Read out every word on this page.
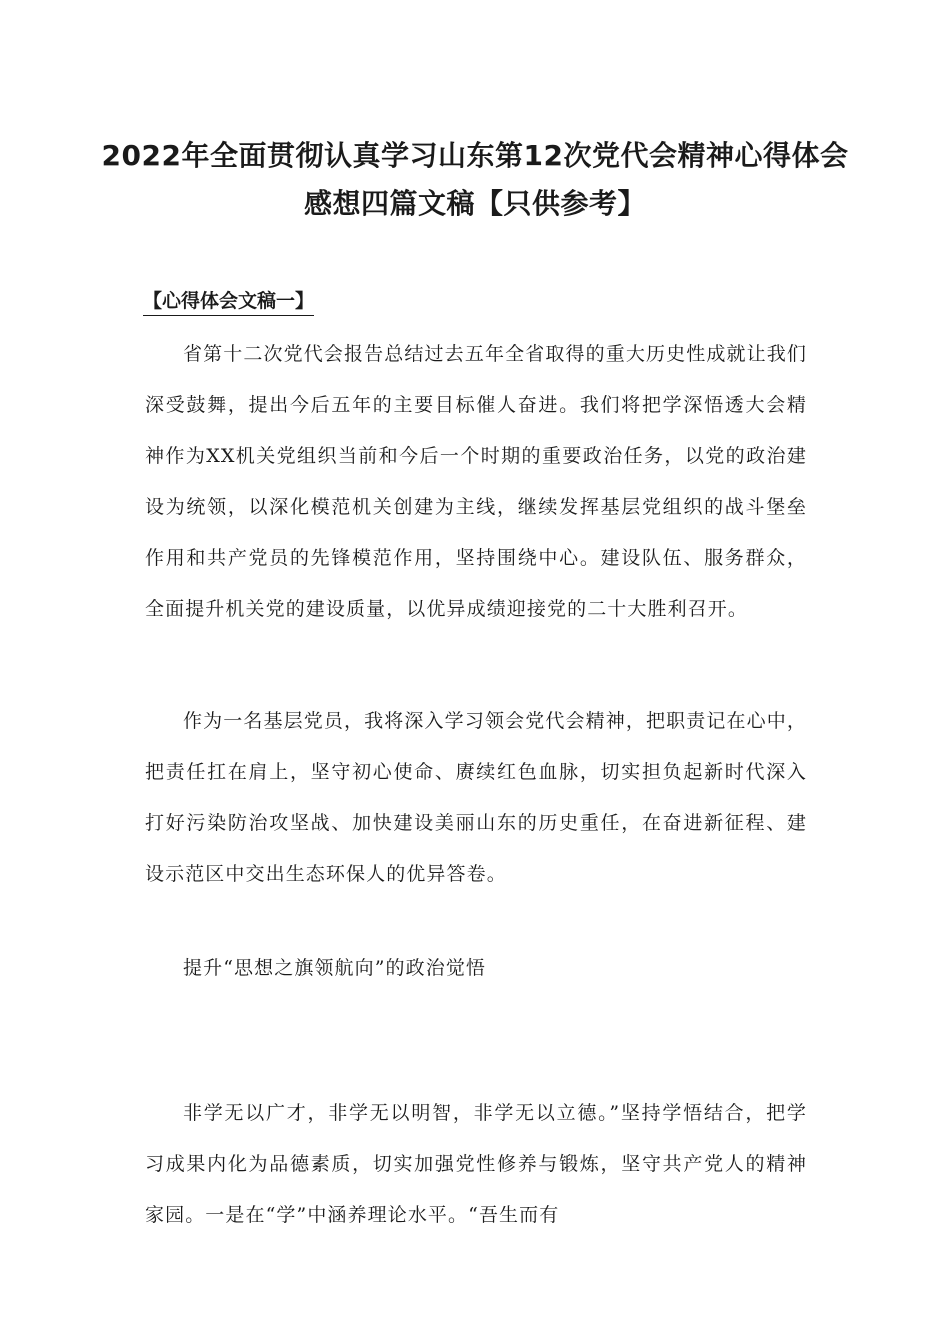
2022年全面贯彻认真学习山东第12次党代会精神心得体会感想四篇文稿【只供参考】
【心得体会文稿一】

省第十二次党代会报告总结过去五年全省取得的重大历史性成就让我们深受鼓舞，提出今后五年的主要目标催人奋进。我们将把学深悟透大会精神作为XX机关党组织当前和今后一个时期的重要政治任务，以党的政治建设为统领，以深化模范机关创建为主线，继续发挥基层党组织的战斗堡垒作用和共产党员的先锋模范作用，坚持围绕中心。建设队伍、服务群众，全面提升机关党的建设质量，以优异成绩迎接党的二十大胜利召开。

作为一名基层党员，我将深入学习领会党代会精神，把职责记在心中，把责任扛在肩上，坚守初心使命、赓续红色血脉，切实担负起新时代深入打好污染防治攻坚战、加快建设美丽山东的历史重任，在奋进新征程、建设示范区中交出生态环保人的优异答卷。

提升“思想之旗领航向”的政治觉悟

非学无以广才，非学无以明智，非学无以立德。”坚持学悟结合，把学习成果内化为品德素质，切实加强党性修养与锻炼，坚守共产党人的精神家园。一是在“学”中涵养理论水平。“吾生而有
